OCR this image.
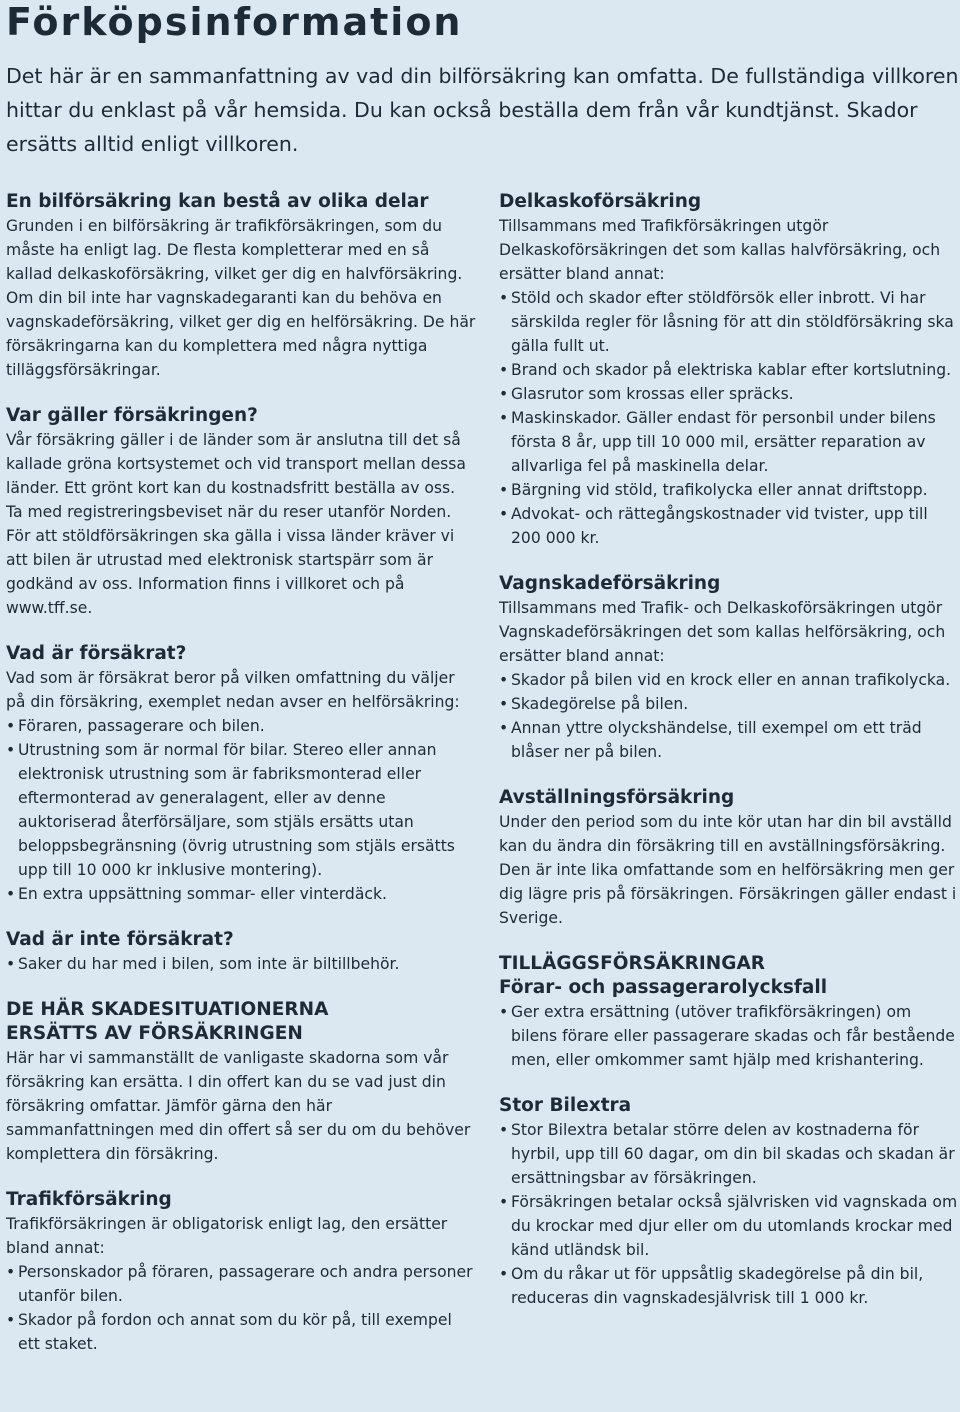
Förköpsinformation

Det här är en sammanfattning av vad din bilförsäkring kan omfatta. De fullständiga villkoren hittar du enklast på vår hemsida. Du kan också beställa dem från vår kundtjänst. Skador ersätts alltid enligt villkoren.

En bilförsäkring kan bestå av olika delar

Grunden i en bilförsäkring är trafikförsäkringen, som du måste ha enligt lag. De flesta kompletterar med en så kallad delkaskoförsäkring, vilket ger dig en halvförsäkring. Om din bil inte har vagnskadegaranti kan du behöva en vagnskadeförsäkring, vilket ger dig en helförsäkring. De här försäkringarna kan du komplettera med några nyttiga tilläggsförsäkringar.

Var gäller försäkringen?

Vår försäkring gäller i de länder som är anslutna till det så kallade gröna kortsystemet och vid transport mellan dessa länder. Ett grönt kort kan du kostnadsfritt beställa av oss. Ta med registreringsbeviset när du reser utanför Norden. För att stöldförsäkringen ska gälla i vissa länder kräver vi att bilen är utrustad med elektronisk startspärr som är godkänd av oss. Information finns i villkoret och på www.tff.se.

Vad är försäkrat?

Vad som är försäkrat beror på vilken omfattning du väljer på din försäkring, exemplet nedan avser en helförsäkring:

• Föraren, passagerare och bilen.
• Utrustning som är normal för bilar. Stereo eller annan elektronisk utrustning som är fabriksmonterad eller eftermonterad av generalagent, eller av denne auktoriserad återförsäljare, som stjäls ersätts utan beloppsbegränsning (övrig utrustning som stjäls ersätts upp till 10 000 kr inklusive montering).
• En extra uppsättning sommar- eller vinterdäck.
Vad är inte försäkrat?
• Saker du har med i bilen, som inte är biltillbehör.
DE HÄR SKADESITUATIONERNA
ERSÄTTS AV FÖRSÄKRINGEN

Här har vi sammanställt de vanligaste skadorna som vår försäkring kan ersätta. I din offert kan du se vad just din försäkring omfattar. Jämför gärna den här sammanfattningen med din offert så ser du om du behöver komplettera din försäkring.

Trafikförsäkring

Trafikförsäkringen är obligatorisk enligt lag, den ersätter bland annat:

• Personskador på föraren, passagerare och andra personer utanför bilen.
• Skador på fordon och annat som du kör på, till exempel ett staket.
Delkaskoförsäkring

Tillsammans med Trafikförsäkringen utgör Delkaskoförsäkringen det som kallas halvförsäkring, och ersätter bland annat:

• Stöld och skador efter stöldförsök eller inbrott. Vi har särskilda regler för låsning för att din stöldförsäkring ska gälla fullt ut.
• Brand och skador på elektriska kablar efter kortslutning.
• Glasrutor som krossas eller spräcks.
• Maskinskador. Gäller endast för personbil under bilens första 8 år, upp till 10 000 mil, ersätter reparation av allvarliga fel på maskinella delar.
• Bärgning vid stöld, trafikolycka eller annat driftstopp.
• Advokat- och rättegångskostnader vid tvister, upp till 200 000 kr.
Vagnskadeförsäkring

Tillsammans med Trafik- och Delkaskoförsäkringen utgör Vagnskadeförsäkringen det som kallas helförsäkring, och ersätter bland annat:

• Skador på bilen vid en krock eller en annan trafikolycka.
• Skadegörelse på bilen.
• Annan yttre olyckshändelse, till exempel om ett träd blåser ner på bilen.
Avställningsförsäkring

Under den period som du inte kör utan har din bil avställd kan du ändra din försäkring till en avställningsförsäkring. Den är inte lika omfattande som en helförsäkring men ger dig lägre pris på försäkringen. Försäkringen gäller endast i Sverige.

TILLÄGGSFÖRSÄKRINGAR
Förar- och passagerarolycksfall
• Ger extra ersättning (utöver trafikförsäkringen) om bilens förare eller passagerare skadas och får bestående men, eller omkommer samt hjälp med krishantering.
Stor Bilextra
• Stor Bilextra betalar större delen av kostnaderna för hyrbil, upp till 60 dagar, om din bil skadas och skadan är ersättningsbar av försäkringen.
• Försäkringen betalar också självrisken vid vagnskada om du krockar med djur eller om du utomlands krockar med känd utländsk bil.
• Om du råkar ut för uppsåtlig skadegörelse på din bil, reduceras din vagnskadesjälvrisk till 1 000 kr.
